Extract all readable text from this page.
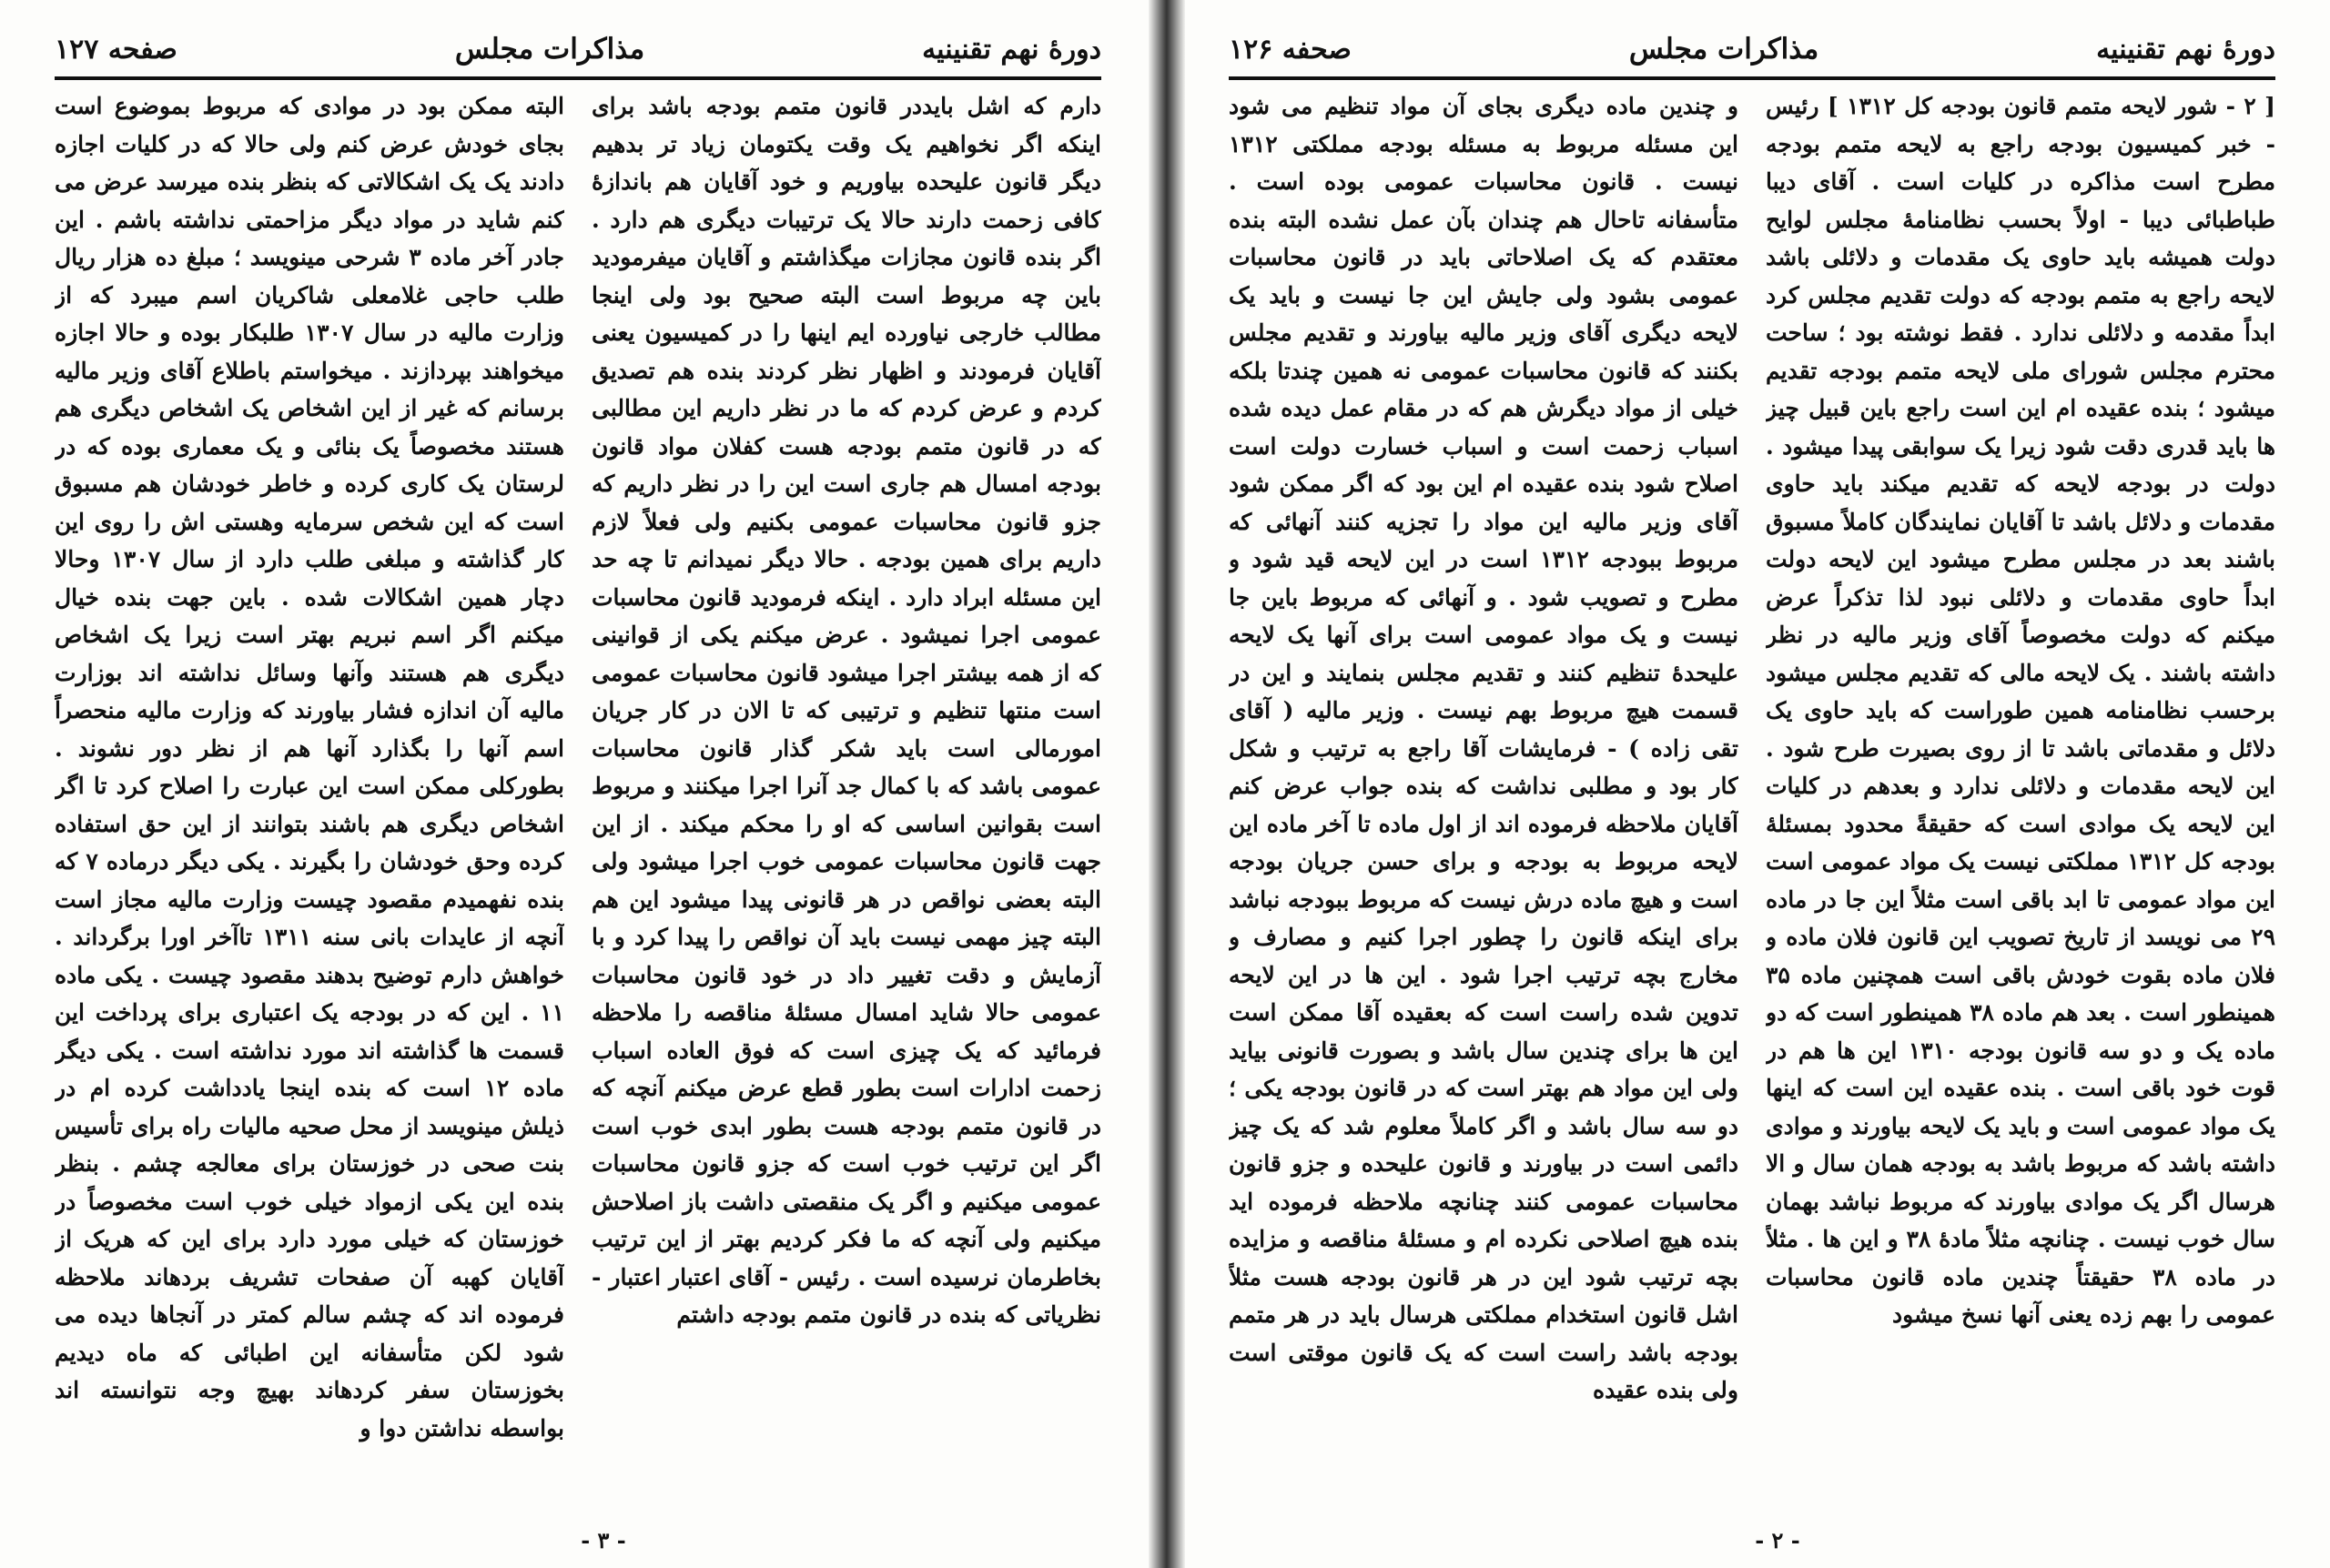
دورهٔ نهم تقنینیه
مذاکرات مجلس
صفحه ۱۲۷

دارم که اشل بایددر قانون متمم بودجه باشد برای اینکه اگر نخواهیم یک وقت یکتومان زیاد تر بدهیم دیگر قانون علیحده بیاوریم و خود آقایان هم باندازهٔ کافی زحمت دارند حالا یک ترتیبات دیگری هم دارد . اگر بنده قانون مجازات میگذاشتم و آقایان میفرمودید باین چه مربوط است البته صحیح بود ولی اینجا مطالب خارجی نیاورده ایم اینها را در کمیسیون یعنی آقایان فرمودند و اظهار نظر کردند بنده هم تصدیق کردم و عرض کردم که ما در نظر داریم این مطالبی که در قانون متمم بودجه هست کفلان مواد قانون بودجه امسال هم جاری است این را در نظر داریم که جزو قانون محاسبات عمومی بکنیم ولی فعلاً لازم داریم برای همین بودجه . حالا دیگر نمیدانم تا چه حد این مسئله ابراد دارد . اینکه فرمودید قانون محاسبات عمومی اجرا نمیشود . عرض میکنم یکی از قوانینی که از همه بیشتر اجرا میشود قانون محاسبات عمومی است منتها تنظیم و ترتیبی که تا الان در کار جریان امورمالی است باید شکر گذار قانون محاسبات عمومی باشد که با کمال جد آنرا اجرا میکنند و مربوط است بقوانین اساسی که او را محکم میکند . از این جهت قانون محاسبات عمومی خوب اجرا میشود ولی البته بعضی نواقص در هر قانونی پیدا میشود این هم البته چیز مهمی نیست باید آن نواقص را پیدا کرد و با آزمایش و دقت تغییر داد در خود قانون محاسبات عمومی حالا شاید امسال مسئلهٔ مناقصه را ملاحظه فرمائید که یک چیزی است که فوق العاده اسباب زحمت ادارات است بطور قطع عرض میکنم آنچه که در قانون متمم بودجه هست بطور ابدی خوب است اگر این ترتیب خوب است که جزو قانون محاسبات عمومی میکنیم و اگر یک منقصتی داشت باز اصلاحش میکنیم ولی آنچه که ما فکر کردیم بهتر از این ترتیب بخاطرمان نرسیده است . رئیس - آقای اعتبار اعتبار - نظریاتی که بنده در قانون متمم بودجه داشتم

البته ممکن بود در موادی که مربوط بموضوع است بجای خودش عرض کنم ولی حالا که در کلیات اجازه دادند یک یک اشکالاتی که بنظر بنده میرسد عرض می کنم شاید در مواد دیگر مزاحمتی نداشته باشم . این جادر آخر ماده ۳ شرحی مینویسد ؛ مبلغ ده هزار ریال طلب حاجی غلامعلی شاکریان اسم میبرد که از وزارت مالیه در سال ۱۳۰۷ طلبکار بوده و حالا اجازه میخواهند بپردازند . میخواستم باطلاع آقای وزیر مالیه برسانم که غیر از این اشخاص یک اشخاص دیگری هم هستند مخصوصاً یک بنائی و یک معماری بوده که در لرستان یک کاری کرده و خاطر خودشان هم مسبوق است که این شخص سرمایه وهستی اش را روی این کار گذاشته و مبلغی طلب دارد از سال ۱۳۰۷ وحالا دچار همین اشکالات شده . باین جهت بنده خیال میکنم اگر اسم نبریم بهتر است زیرا یک اشخاص دیگری هم هستند وآنها وسائل نداشته اند بوزارت مالیه آن اندازه فشار بیاورند که وزارت مالیه منحصراً اسم آنها را بگذارد آنها هم از نظر دور نشوند . بطورکلی ممکن است این عبارت را اصلاح کرد تا اگر اشخاص دیگری هم باشند بتوانند از این حق استفاده کرده وحق خودشان را بگیرند . یکی دیگر درماده ۷ که بنده نفهمیدم مقصود چیست وزارت مالیه مجاز است آنچه از عایدات بانی سنه ۱۳۱۱ تاآخر اورا برگرداند . خواهش دارم توضیح بدهند مقصود چیست . یکی ماده ۱۱ . این که در بودجه یک اعتباری برای پرداخت این قسمت ها گذاشته اند مورد نداشته است . یکی دیگر ماده ۱۲ است که بنده اینجا یادداشت کرده ام در ذیلش مینویسد از محل صحیه مالیات راه برای تأسیس بنت صحی در خوزستان برای معالجه چشم . بنظر بنده این یکی ازمواد خیلی خوب است مخصوصاً در خوزستان که خیلی مورد دارد برای این که هریک از آقایان کهبه آن صفحات تشریف بردهاند ملاحظه فرموده اند که چشم سالم کمتر در آنجاها دیده می شود لکن متأسفانه این اطبائی که ماه دیدیم بخوزستان سفر کردهاند بهیچ وجه نتوانسته اند بواسطه نداشتن دوا و

- ۳ -
دورهٔ نهم تقنینیه
مذاکرات مجلس
صحفه ۱۲۶

[ ۲ - شور لایحه متمم قانون بودجه کل ۱۳۱۲ ] رئیس - خبر کمیسیون بودجه راجع به لایحه متمم بودجه مطرح است مذاکره در کلیات است . آقای دیبا طباطبائی دیبا - اولاً بحسب نظامنامهٔ مجلس لوایح دولت همیشه باید حاوی یک مقدمات و دلائلی باشد لایحه راجع به متمم بودجه که دولت تقدیم مجلس کرد ابداً مقدمه و دلائلی ندارد . فقط نوشته بود ؛ ساحت محترم مجلس شورای ملی لایحه متمم بودجه تقدیم میشود ؛ بنده عقیده ام این است راجع باین قبیل چیز ها باید قدری دقت شود زیرا یک سوابقی پیدا میشود . دولت در بودجه لایحه که تقدیم میکند باید حاوی مقدمات و دلائل باشد تا آقایان نمایندگان کاملاً مسبوق باشند بعد در مجلس مطرح میشود این لایحه دولت ابداً حاوی مقدمات و دلائلی نبود لذا تذکراً عرض میکنم که دولت مخصوصاً آقای وزیر مالیه در نظر داشته باشند . یک لایحه مالی که تقدیم مجلس میشود برحسب نظامنامه همین طوراست که باید حاوی یک دلائل و مقدماتی باشد تا از روی بصیرت طرح شود . این لایحه مقدمات و دلائلی ندارد و بعدهم در کلیات این لایحه یک موادی است که حقیقةً محدود بمسئلهٔ بودجه کل ۱۳۱۲ مملکتی نیست یک مواد عمومی است این مواد عمومی تا ابد باقی است مثلاً این جا در ماده ۲۹ می نویسد از تاریخ تصویب این قانون فلان ماده و فلان ماده بقوت خودش باقی است همچنین ماده ۳۵ همینطور است . بعد هم ماده ۳۸ همینطور است که دو ماده یک و دو سه قانون بودجه ۱۳۱۰ این ها هم در قوت خود باقی است . بنده عقیده این است که اینها یک مواد عمومی است و باید یک لایحه بیاورند و موادی داشته باشد که مربوط باشد به بودجه همان سال و الا هرسال اگر یک موادی بیاورند که مربوط نباشد بهمان سال خوب نیست . چنانچه مثلاً مادهٔ ۳۸ و این ها . مثلاً در ماده ۳۸ حقیقتاً چندین ماده قانون محاسبات عمومی را بهم زده یعنی آنها نسخ میشود

و چندین ماده دیگری بجای آن مواد تنظیم می شود این مسئله مربوط به مسئله بودجه مملکتی ۱۳۱۲ نیست . قانون محاسبات عمومی بوده است . متأسفانه تاحال هم چندان بآن عمل نشده البته بنده معتقدم که یک اصلاحاتی باید در قانون محاسبات عمومی بشود ولی جایش این جا نیست و باید یک لایحه دیگری آقای وزیر مالیه بیاورند و تقدیم مجلس بکنند که قانون محاسبات عمومی نه همین چندتا بلکه خیلی از مواد دیگرش هم که در مقام عمل دیده شده اسباب زحمت است و اسباب خسارت دولت است اصلاح شود بنده عقیده ام این بود که اگر ممکن شود آقای وزیر مالیه این مواد را تجزیه کنند آنهائی که مربوط ببودجه ۱۳۱۲ است در این لایحه قید شود و مطرح و تصویب شود . و آنهائی که مربوط باین جا نیست و یک مواد عمومی است برای آنها یک لایحه علیحدهٔ تنظیم کنند و تقدیم مجلس بنمایند و این در قسمت هیچ مربوط بهم نیست . وزیر مالیه ( آقای تقی زاده ) - فرمایشات آقا راجع به ترتیب و شکل کار بود و مطلبی نداشت که بنده جواب عرض کنم آقایان ملاحظه فرموده اند از اول ماده تا آخر ماده این لایحه مربوط به بودجه و برای حسن جریان بودجه است و هیچ ماده درش نیست که مربوط ببودجه نباشد برای اینکه قانون را چطور اجرا کنیم و مصارف و مخارج بچه ترتیب اجرا شود . این ها در این لایحه تدوین شده راست است که بعقیده آقا ممکن است این ها برای چندین سال باشد و بصورت قانونی بیاید ولی این مواد هم بهتر است که در قانون بودجه یکی ؛ دو سه سال باشد و اگر کاملاً معلوم شد که یک چیز دائمی است در بیاورند و قانون علیحده و جزو قانون محاسبات عمومی کنند چنانچه ملاحظه فرموده اید بنده هیچ اصلاحی نکرده ام و مسئلهٔ مناقصه و مزایده بچه ترتیب شود این در هر قانون بودجه هست مثلاً اشل قانون استخدام مملکتی هرسال باید در هر متمم بودجه باشد راست است که یک قانون موقتی است ولی بنده عقیده

- ۲ -
